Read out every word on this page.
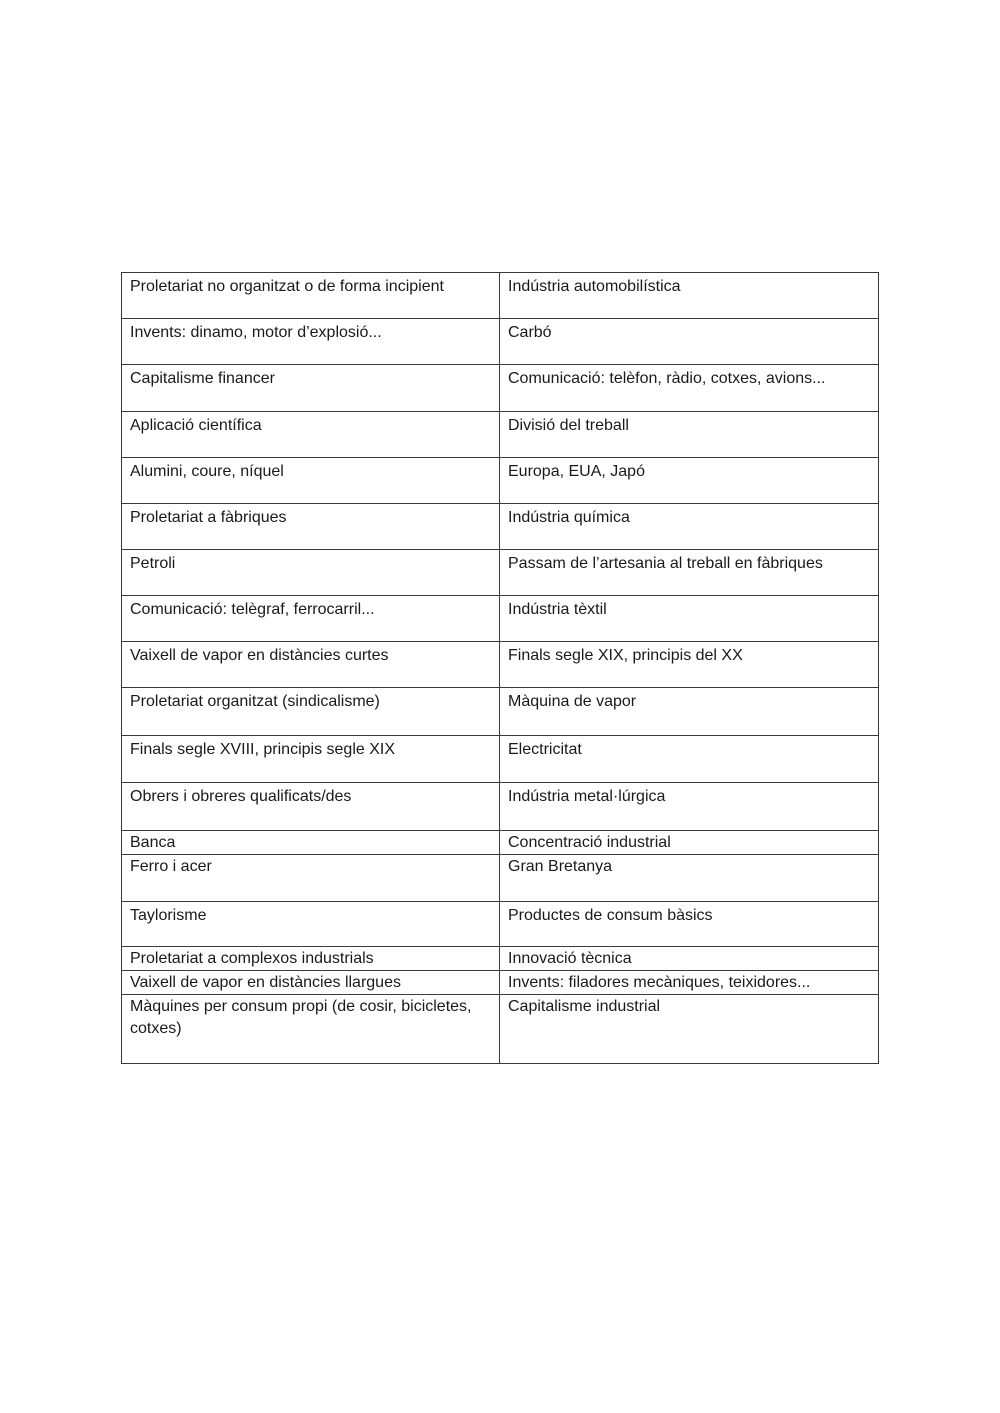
Proletariat no organitzat o de forma incipient	Indústria automobilística
Invents: dinamo, motor d’explosió...	Carbó
Capitalisme financer	Comunicació: telèfon, ràdio, cotxes, avions...
Aplicació científica	Divisió del treball
Alumini, coure, níquel	Europa, EUA, Japó
Proletariat a fàbriques	Indústria química
Petroli	Passam de l’artesania al treball en fàbriques
Comunicació: telègraf, ferrocarril...	Indústria tèxtil
Vaixell de vapor en distàncies curtes	Finals segle XIX, principis del XX
Proletariat organitzat (sindicalisme)	Màquina de vapor
Finals segle XVIII, principis segle XIX	Electricitat
Obrers i obreres qualificats/des	Indústria metal·lúrgica
Banca	Concentració industrial
Ferro i acer	Gran Bretanya
Taylorisme	Productes de consum bàsics
Proletariat a complexos industrials	Innovació tècnica
Vaixell de vapor en distàncies llargues	Invents: filadores mecàniques, teixidores...
Màquines per consum propi (de cosir, bicicletes, cotxes)	Capitalisme industrial
